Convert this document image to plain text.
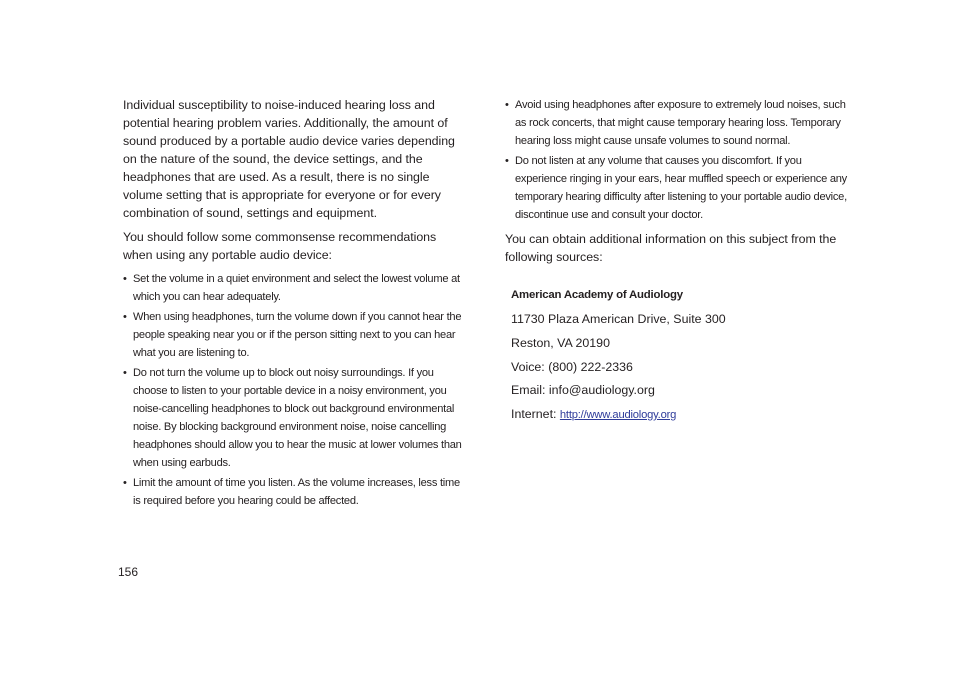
Individual susceptibility to noise-induced hearing loss and potential hearing problem varies. Additionally, the amount of sound produced by a portable audio device varies depending on the nature of the sound, the device settings, and the headphones that are used. As a result, there is no single volume setting that is appropriate for everyone or for every combination of sound, settings and equipment.

You should follow some commonsense recommendations when using any portable audio device:

• Set the volume in a quiet environment and select the lowest volume at which you can hear adequately.
• When using headphones, turn the volume down if you cannot hear the people speaking near you or if the person sitting next to you can hear what you are listening to.
• Do not turn the volume up to block out noisy surroundings. If you choose to listen to your portable device in a noisy environment, you noise-cancelling headphones to block out background environmental noise. By blocking background environment noise, noise cancelling headphones should allow you to hear the music at lower volumes than when using earbuds.
• Limit the amount of time you listen. As the volume increases, less time is required before you hearing could be affected.
• Avoid using headphones after exposure to extremely loud noises, such as rock concerts, that might cause temporary hearing loss. Temporary hearing loss might cause unsafe volumes to sound normal.
• Do not listen at any volume that causes you discomfort. If you experience ringing in your ears, hear muffled speech or experience any temporary hearing difficulty after listening to your portable audio device, discontinue use and consult your doctor.

You can obtain additional information on this subject from the following sources:

American Academy of Audiology
11730 Plaza American Drive, Suite 300
Reston, VA 20190
Voice: (800) 222-2336
Email: info@audiology.org
Internet: http://www.audiology.org
156
